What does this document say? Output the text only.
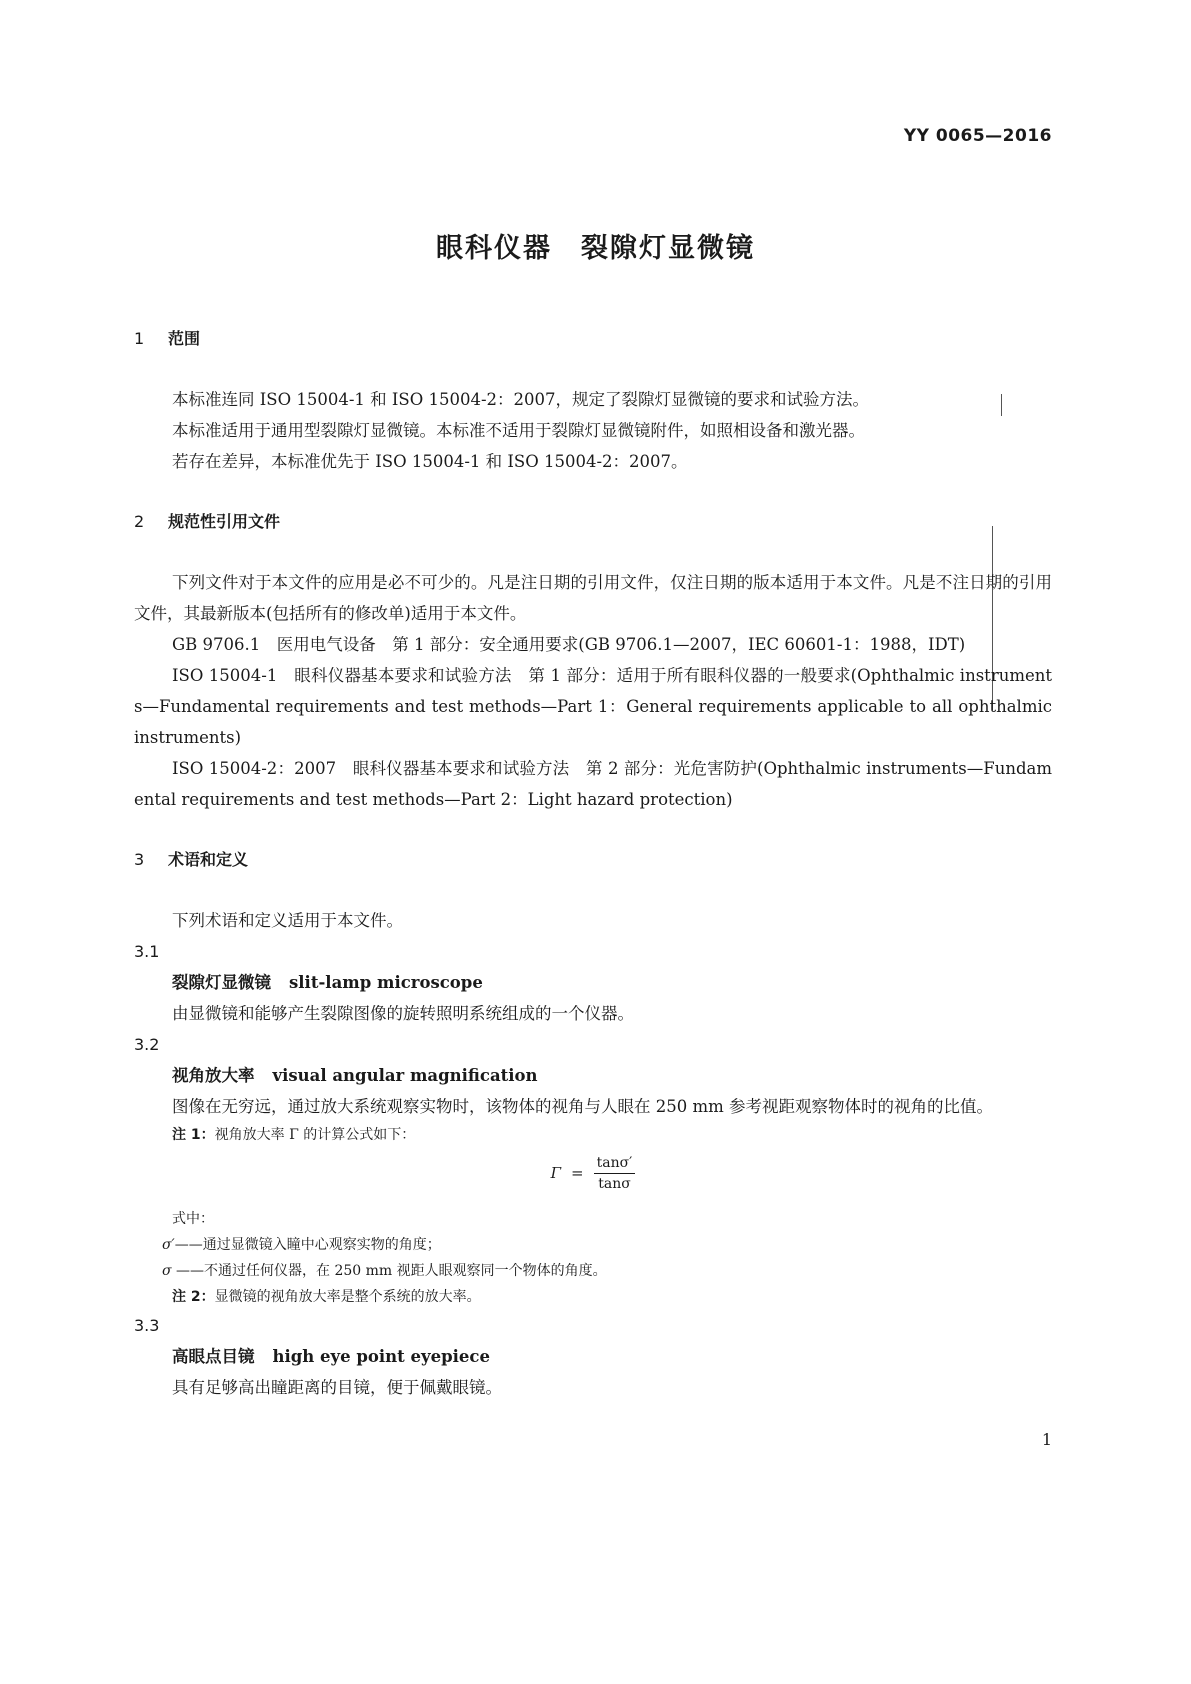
YY 0065—2016
眼科仪器　裂隙灯显微镜
1 范围

本标准连同 ISO 15004-1 和 ISO 15004-2：2007，规定了裂隙灯显微镜的要求和试验方法。

本标准适用于通用型裂隙灯显微镜。本标准不适用于裂隙灯显微镜附件，如照相设备和激光器。

若存在差异，本标准优先于 ISO 15004-1 和 ISO 15004-2：2007。

2 规范性引用文件

下列文件对于本文件的应用是必不可少的。凡是注日期的引用文件，仅注日期的版本适用于本文件。凡是不注日期的引用文件，其最新版本(包括所有的修改单)适用于本文件。

GB 9706.1　医用电气设备　第 1 部分：安全通用要求(GB 9706.1—2007，IEC 60601-1：1988，IDT)

ISO 15004-1　眼科仪器基本要求和试验方法　第 1 部分：适用于所有眼科仪器的一般要求(Ophthalmic instruments—Fundamental requirements and test methods—Part 1：General requirements applicable to all ophthalmic instruments)

ISO 15004-2：2007　眼科仪器基本要求和试验方法　第 2 部分：光危害防护(Ophthalmic instruments—Fundamental requirements and test methods—Part 2：Light hazard protection)

3 术语和定义

下列术语和定义适用于本文件。

3.1

裂隙灯显微镜 slit-lamp microscope

由显微镜和能够产生裂隙图像的旋转照明系统组成的一个仪器。

3.2

视角放大率 visual angular magnification

图像在无穷远，通过放大系统观察实物时，该物体的视角与人眼在 250 mm 参考视距观察物体时的视角的比值。

注 1：视角放大率 Γ 的计算公式如下：

$\Gamma = \frac{\tan\sigma'}{\tan\sigma}$

式中：

σ′——通过显微镜入瞳中心观察实物的角度；

σ ——不通过任何仪器，在 250 mm 视距人眼观察同一个物体的角度。

注 2：显微镜的视角放大率是整个系统的放大率。

3.3

高眼点目镜 high eye point eyepiece

具有足够高出瞳距离的目镜，便于佩戴眼镜。

1
